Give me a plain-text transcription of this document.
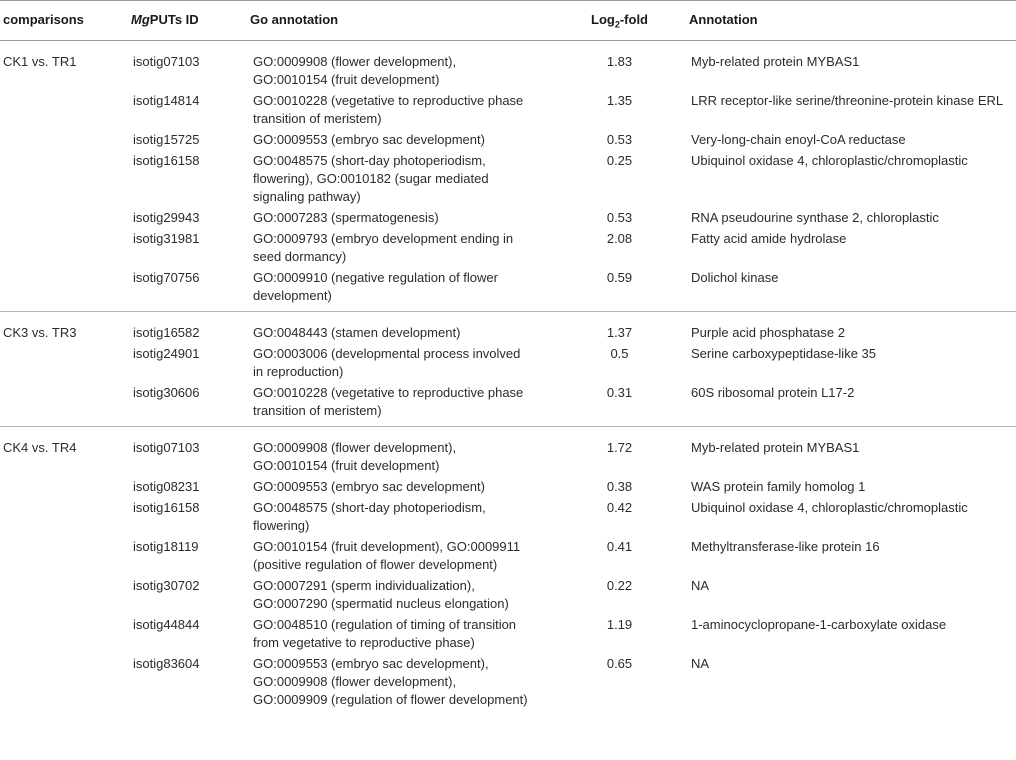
comparisons	MgPUTs ID	Go annotation	Log$_2$-fold	Annotation
CK1 vs. TR1	isotig07103	GO:0009908 (flower development),
GO:0010154 (fruit development)	1.83	Myb-related protein MYBAS1
	isotig14814	GO:0010228 (vegetative to reproductive phase
transition of meristem)	1.35	LRR receptor-like serine/threonine-protein kinase ERL
	isotig15725	GO:0009553 (embryo sac development)	0.53	Very-long-chain enoyl-CoA reductase
	isotig16158	GO:0048575 (short-day photoperiodism,
flowering), GO:0010182 (sugar mediated
signaling pathway)	0.25	Ubiquinol oxidase 4, chloroplastic/chromoplastic
	isotig29943	GO:0007283 (spermatogenesis)	0.53	RNA pseudourine synthase 2, chloroplastic
	isotig31981	GO:0009793 (embryo development ending in
seed dormancy)	2.08	Fatty acid amide hydrolase
	isotig70756	GO:0009910 (negative regulation of flower
development)	0.59	Dolichol kinase
CK3 vs. TR3	isotig16582	GO:0048443 (stamen development)	1.37	Purple acid phosphatase 2
	isotig24901	GO:0003006 (developmental process involved
in reproduction)	0.5	Serine carboxypeptidase-like 35
	isotig30606	GO:0010228 (vegetative to reproductive phase
transition of meristem)	0.31	60S ribosomal protein L17-2
CK4 vs. TR4	isotig07103	GO:0009908 (flower development),
GO:0010154 (fruit development)	1.72	Myb-related protein MYBAS1
	isotig08231	GO:0009553 (embryo sac development)	0.38	WAS protein family homolog 1
	isotig16158	GO:0048575 (short-day photoperiodism,
flowering)	0.42	Ubiquinol oxidase 4, chloroplastic/chromoplastic
	isotig18119	GO:0010154 (fruit development), GO:0009911
(positive regulation of flower development)	0.41	Methyltransferase-like protein 16
	isotig30702	GO:0007291 (sperm individualization),
GO:0007290 (spermatid nucleus elongation)	0.22	NA
	isotig44844	GO:0048510 (regulation of timing of transition
from vegetative to reproductive phase)	1.19	1-aminocyclopropane-1-carboxylate oxidase
	isotig83604	GO:0009553 (embryo sac development),
GO:0009908 (flower development),
GO:0009909 (regulation of flower development)	0.65	NA
